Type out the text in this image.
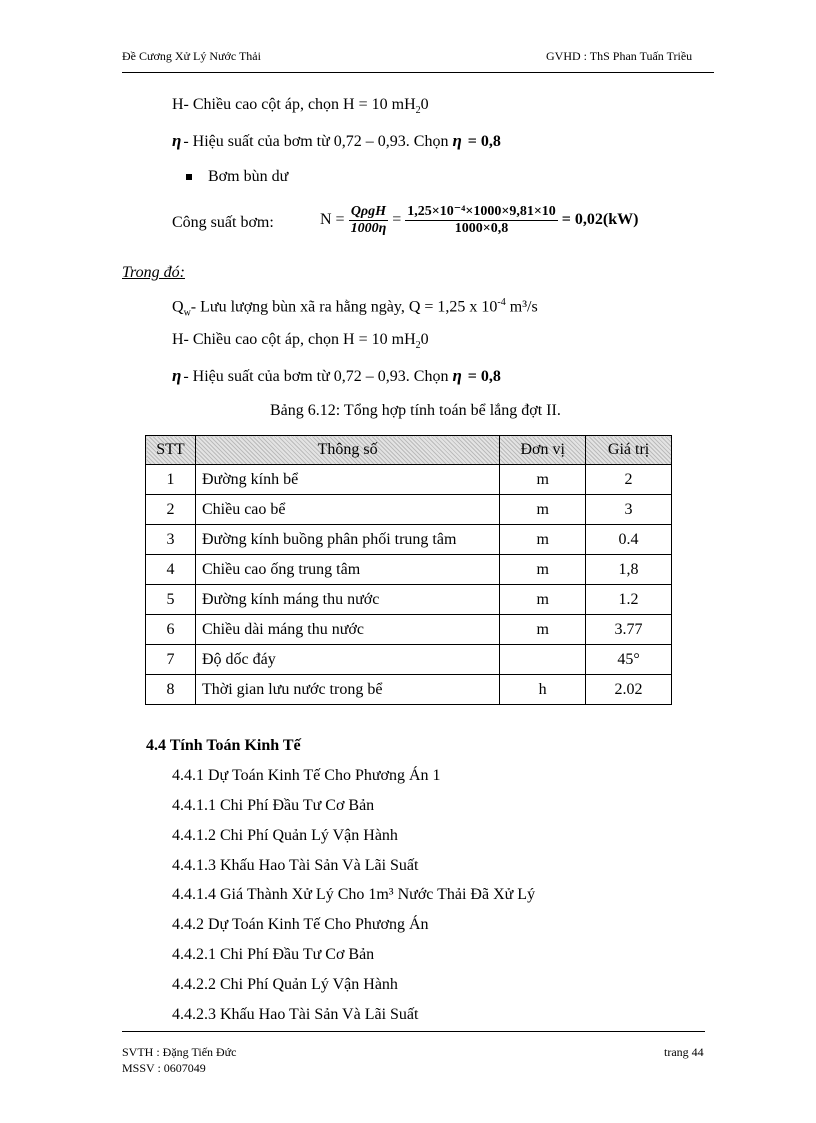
Đề Cương Xử Lý Nước Thải	GVHD : ThS Phan Tuấn Triều
H- Chiều cao cột áp, chọn H = 10 $mH_20$
η - Hiệu suất của bơm từ 0,72 – 0,93. Chọn η = 0,8
Bơm bùn dư
Công suất bơm:	$N = \frac{\text{QρgH}}{1000\eta} = \frac{\text{1,25×10⁻⁴×1000×9,81×10}}{1000\times 0,8} = 0,02(kW)$
Trong đó:
$Q_w-$ Lưu lượng bùn xã ra hằng ngày, Q = 1,25 x $10^{-4}$ m³/s
H- Chiều cao cột áp, chọn H = 10 $mH_20$
η - Hiệu suất của bơm từ 0,72 – 0,93. Chọn η = 0,8
Bảng 6.12: Tổng hợp tính toán bể lắng đợt II.
STT	Thông số	Đơn vị	Giá trị
1	Đường kính bể	m	2
2	Chiều cao bể	m	3
3	Đường kính buồng phân phối trung tâm	m	0.4
4	Chiều cao ống trung tâm	m	1,8
5	Đường kính máng thu nước	m	1.2
6	Chiều dài máng thu nước	m	3.77
7	Độ dốc đáy		45°
8	Thời gian lưu nước trong bể	h	2.02
4.4 Tính Toán Kinh Tế
4.4.1 Dự Toán Kinh Tế Cho Phương Án 1
4.4.1.1 Chi Phí Đầu Tư Cơ Bản
4.4.1.2 Chi Phí Quản Lý Vận Hành
4.4.1.3 Khấu Hao Tài Sản Và Lãi Suất
4.4.1.4 Giá Thành Xử Lý Cho 1m³ Nước Thải Đã Xử Lý
4.4.2 Dự Toán Kinh Tế Cho Phương Án
4.4.2.1 Chi Phí Đầu Tư Cơ Bản
4.4.2.2 Chi Phí Quản Lý Vận Hành
4.4.2.3 Khấu Hao Tài Sản Và Lãi Suất
SVTH : Đặng Tiến Đức
MSSV : 0607049
trang 44
